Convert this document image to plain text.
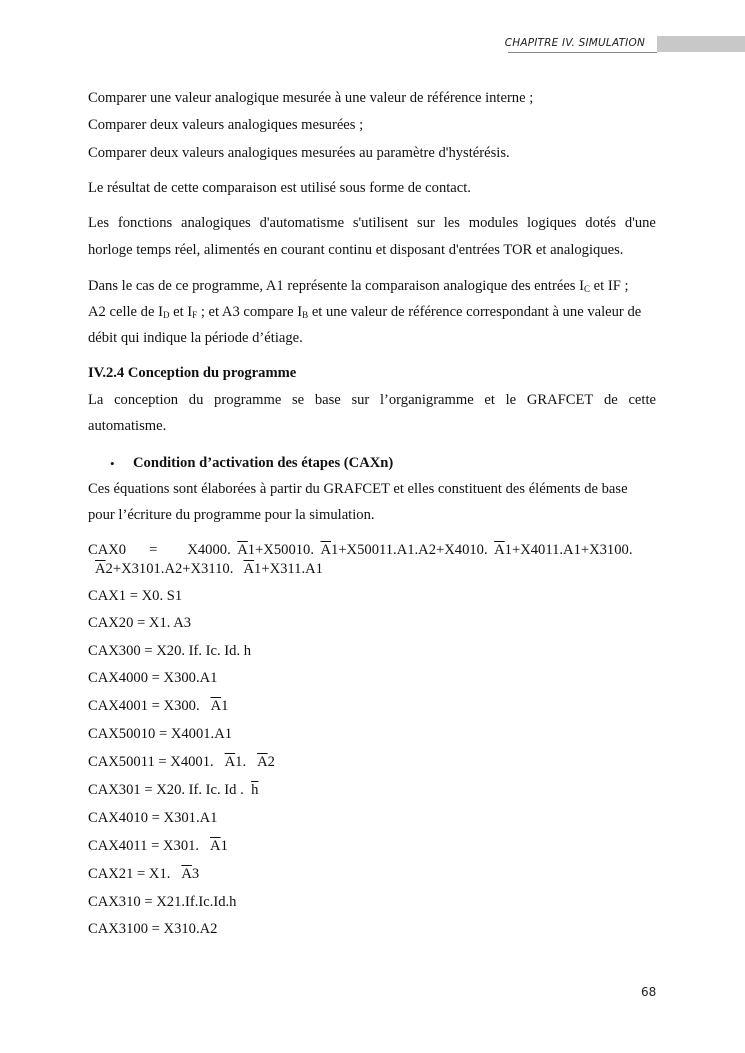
CHAPITRE IV. SIMULATION
Comparer une valeur analogique mesurée à une valeur de référence interne ;
Comparer deux valeurs analogiques mesurées ;
Comparer deux valeurs analogiques mesurées au paramètre d'hystérésis.
Le résultat de cette comparaison est utilisé sous forme de contact.
Les fonctions analogiques d'automatisme s'utilisent sur les modules logiques dotés d'une
horloge temps réel, alimentés en courant continu et disposant d'entrées TOR et analogiques.
Dans le cas de ce programme, A1 représente la comparaison analogique des entrées $I_C$ et IF ;
A2 celle de $I_D$ et $I_F$ ; et A3 compare $I_B$ et une valeur de référence correspondant à une valeur de
débit qui indique la période d’étiage.
IV.2.4 Conception du programme
La conception du programme se base sur l’organigramme et le GRAFCET de cette
automatisme.
• Condition d’activation des étapes (CAXn)
Ces équations sont élaborées à partir du GRAFCET et elles constituent des éléments de base
pour l’écriture du programme pour la simulation.
CAX0 = X4000. $\overline{A}1+X50010$. $\overline{A}1+X50011.A1.A2+X4010$. $\overline{A}1+X4011.A1+X3100$.
$\overline{A}2+X3101.A2+X3110$. $\overline{A}1+X311.A1$
CAX1 = X0. S1
CAX20 = X1. A3
CAX300 = X20. If. Ic. Id. h
CAX4000 = X300.A1
CAX4001 = X300. $\overline{A}1$
CAX50010 = X4001.A1
CAX50011 = X4001. $\overline{A}1$. $\overline{A}2$
CAX301 = X20. If. Ic. Id . $\overline{h}$
CAX4010 = X301.A1
CAX4011 = X301. $\overline{A}1$
CAX21 = X1. $\overline{A}3$
CAX310 = X21.If.Ic.Id.h
CAX3100 = X310.A2
68
